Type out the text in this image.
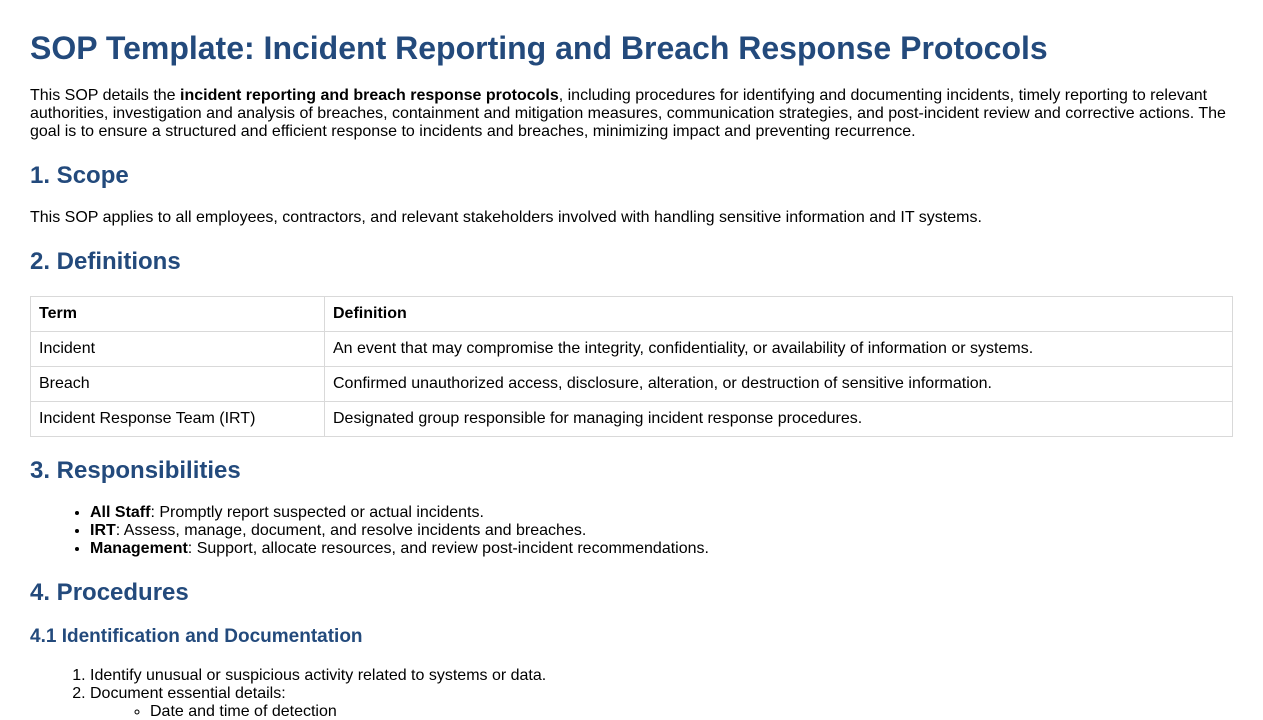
SOP Template: Incident Reporting and Breach Response Protocols

This SOP details the incident reporting and breach response protocols, including procedures for identifying and documenting incidents, timely reporting to relevant authorities, investigation and analysis of breaches, containment and mitigation measures, communication strategies, and post-incident review and corrective actions. The goal is to ensure a structured and efficient response to incidents and breaches, minimizing impact and preventing recurrence.

1. Scope

This SOP applies to all employees, contractors, and relevant stakeholders involved with handling sensitive information and IT systems.

2. Definitions
Term	Definition
Incident	An event that may compromise the integrity, confidentiality, or availability of information or systems.
Breach	Confirmed unauthorized access, disclosure, alteration, or destruction of sensitive information.
Incident Response Team (IRT)	Designated group responsible for managing incident response procedures.
3. Responsibilities
• All Staff: Promptly report suspected or actual incidents.
• IRT: Assess, manage, document, and resolve incidents and breaches.
• Management: Support, allocate resources, and review post-incident recommendations.
4. Procedures
4.1 Identification and Documentation
1. Identify unusual or suspicious activity related to systems or data.
2. Document essential details:
◦ Date and time of detection
